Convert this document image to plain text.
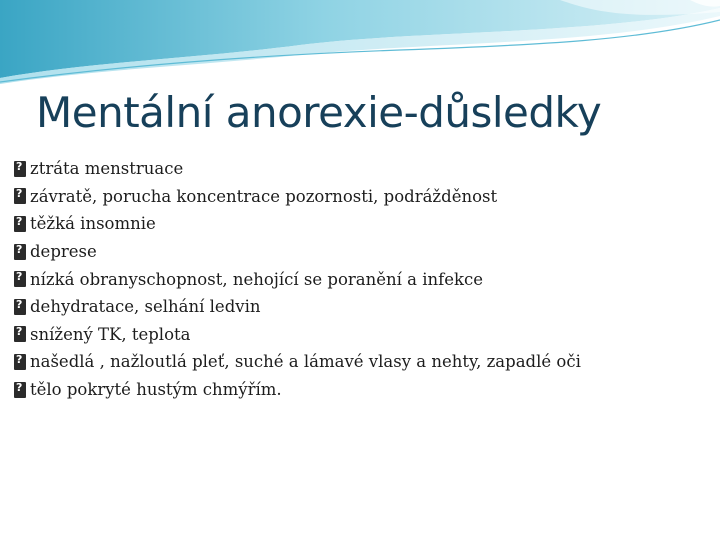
Mentální anorexie-důsledky
?
ztráta menstruace
?
závratě, porucha koncentrace pozornosti, podrážděnost
?
těžká insomnie
?
deprese
?
nízká obranyschopnost, nehojící se poranění a infekce
?
dehydratace, selhání ledvin
?
snížený TK, teplota
?
našedlá , nažloutlá pleť, suché a lámavé vlasy a nehty, zapadlé oči
?
tělo pokryté hustým chmýřím.
